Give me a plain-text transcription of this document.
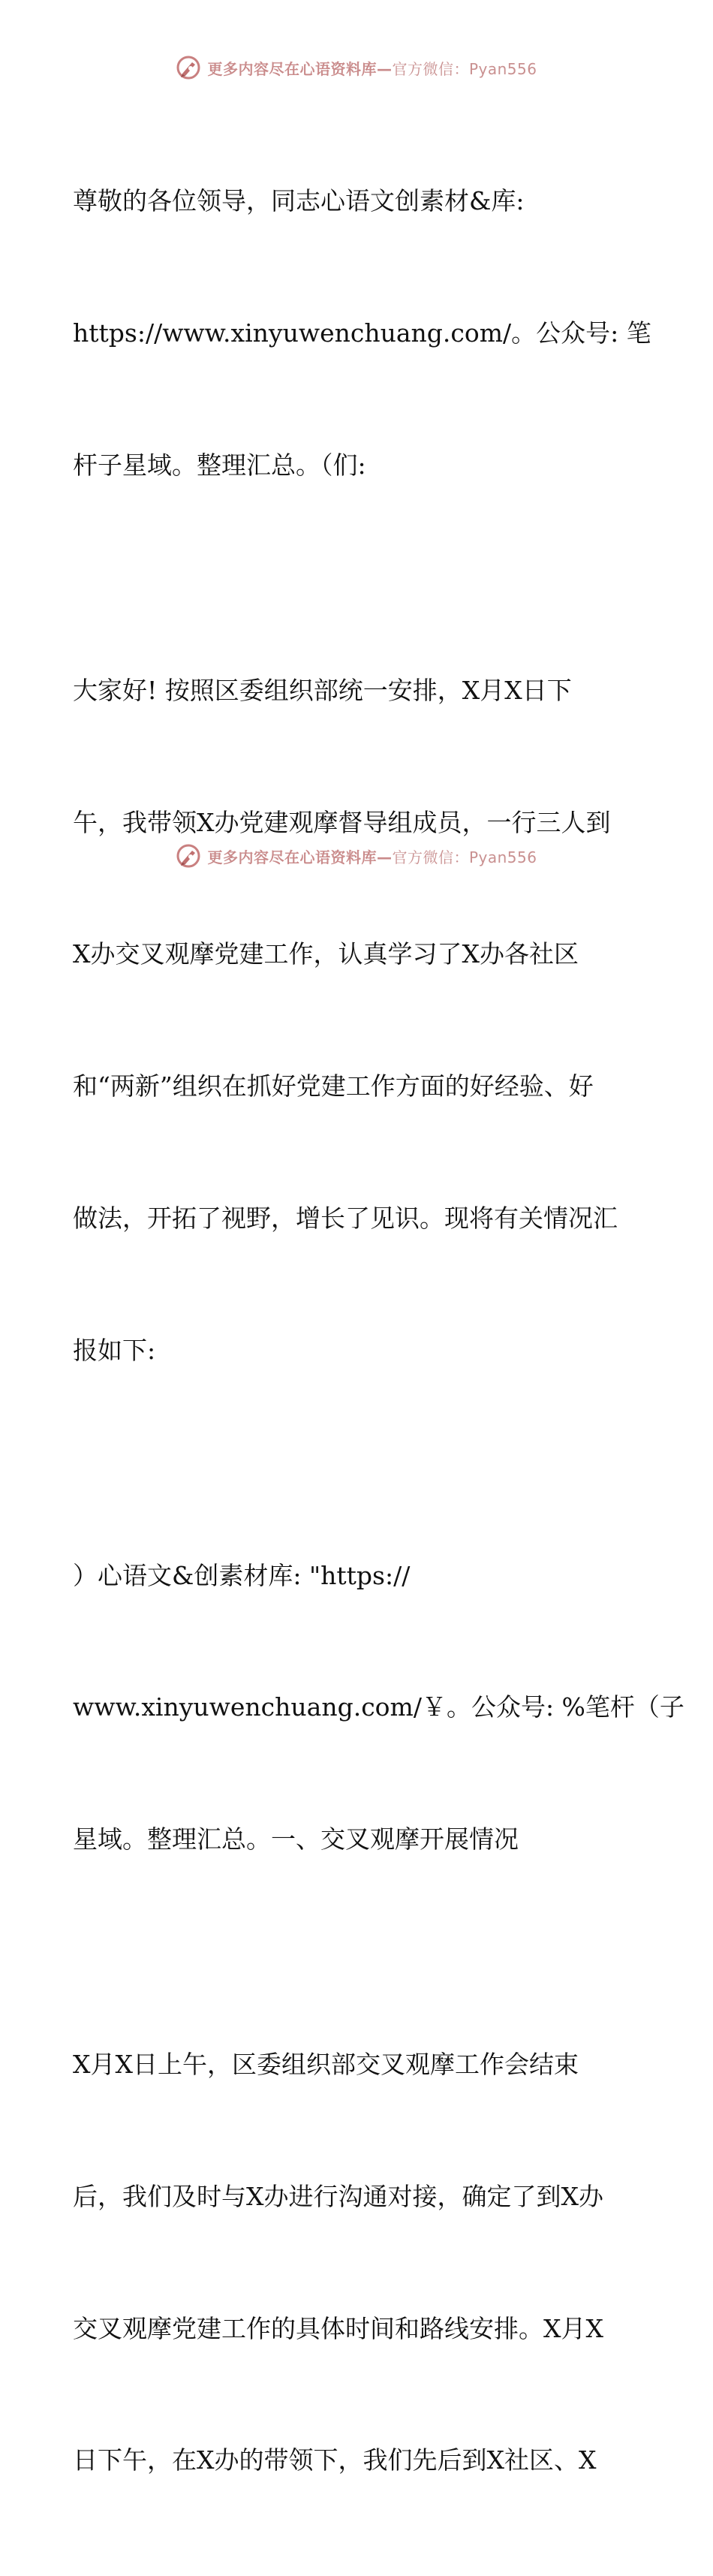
更多内容尽在心语资料库—官方微信：Pyan556

尊敬的各位领导，同志心语文创素材&库:

https://www.xinyuwenchuang.com/。公众号: 笔

杆子星域。整理汇总。（们:

大家好! 按照区委组织部统一安排，X月X日下

午，我带领X办党建观摩督导组成员，一行三人到

X办交叉观摩党建工作，认真学习了X办各社区

和“两新”组织在抓好党建工作方面的好经验、好

做法，开拓了视野，增长了见识。现将有关情况汇

报如下:

）心语文&创素材库: "https://

www.xinyuwenchuang.com/￥。公众号: %笔杆（子

星域。整理汇总。一、交叉观摩开展情况

X月X日上午，区委组织部交叉观摩工作会结束

后，我们及时与X办进行沟通对接，确定了到X办

交叉观摩党建工作的具体时间和路线安排。X月X

日下午，在X办的带领下，我们先后到X社区、X

更多内容尽在心语资料库—官方微信：Pyan556
